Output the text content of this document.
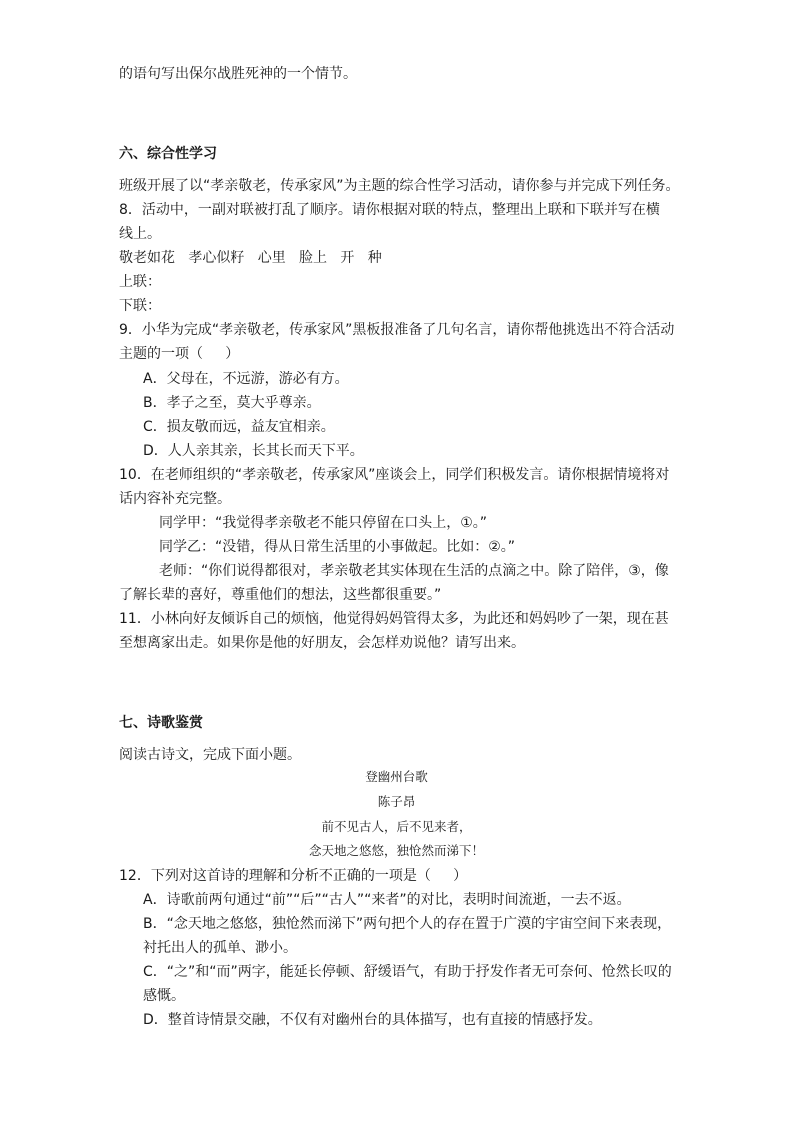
的语句写出保尔战胜死神的一个情节。
六、综合性学习
班级开展了以“孝亲敬老，传承家风”为主题的综合性学习活动，请你参与并完成下列任务。
8．活动中，一副对联被打乱了顺序。请你根据对联的特点，整理出上联和下联并写在横
线上。
敬老如花   孝心似籽   心里   脸上   开   种
上联：
下联：
9．小华为完成“孝亲敬老，传承家风”黑板报准备了几句名言，请你帮他挑选出不符合活动
主题的一项（     ）
A．父母在，不远游，游必有方。
B．孝子之至，莫大乎尊亲。
C．损友敬而远，益友宜相亲。
D．人人亲其亲，长其长而天下平。
10．在老师组织的“孝亲敬老，传承家风”座谈会上，同学们积极发言。请你根据情境将对
话内容补充完整。
同学甲：“我觉得孝亲敬老不能只停留在口头上，①。”
同学乙：“没错，得从日常生活里的小事做起。比如：②。”
老师：“你们说得都很对，孝亲敬老其实体现在生活的点滴之中。除了陪伴，③，像
了解长辈的喜好，尊重他们的想法，这些都很重要。”
11．小林向好友倾诉自己的烦恼，他觉得妈妈管得太多，为此还和妈妈吵了一架，现在甚
至想离家出走。如果你是他的好朋友，会怎样劝说他？请写出来。
七、诗歌鉴赏
阅读古诗文，完成下面小题。
登幽州台歌
陈子昂
前不见古人，后不见来者，
念天地之悠悠，独怆然而涕下！
12．下列对这首诗的理解和分析不正确的一项是（     ）
A．诗歌前两句通过“前”“后”“古人”“来者”的对比，表明时间流逝，一去不返。
B．“念天地之悠悠，独怆然而涕下”两句把个人的存在置于广漠的宇宙空间下来表现，
衬托出人的孤单、渺小。
C．“之”和“而”两字，能延长停顿、舒缓语气，有助于抒发作者无可奈何、怆然长叹的
感慨。
D．整首诗情景交融，不仅有对幽州台的具体描写，也有直接的情感抒发。
